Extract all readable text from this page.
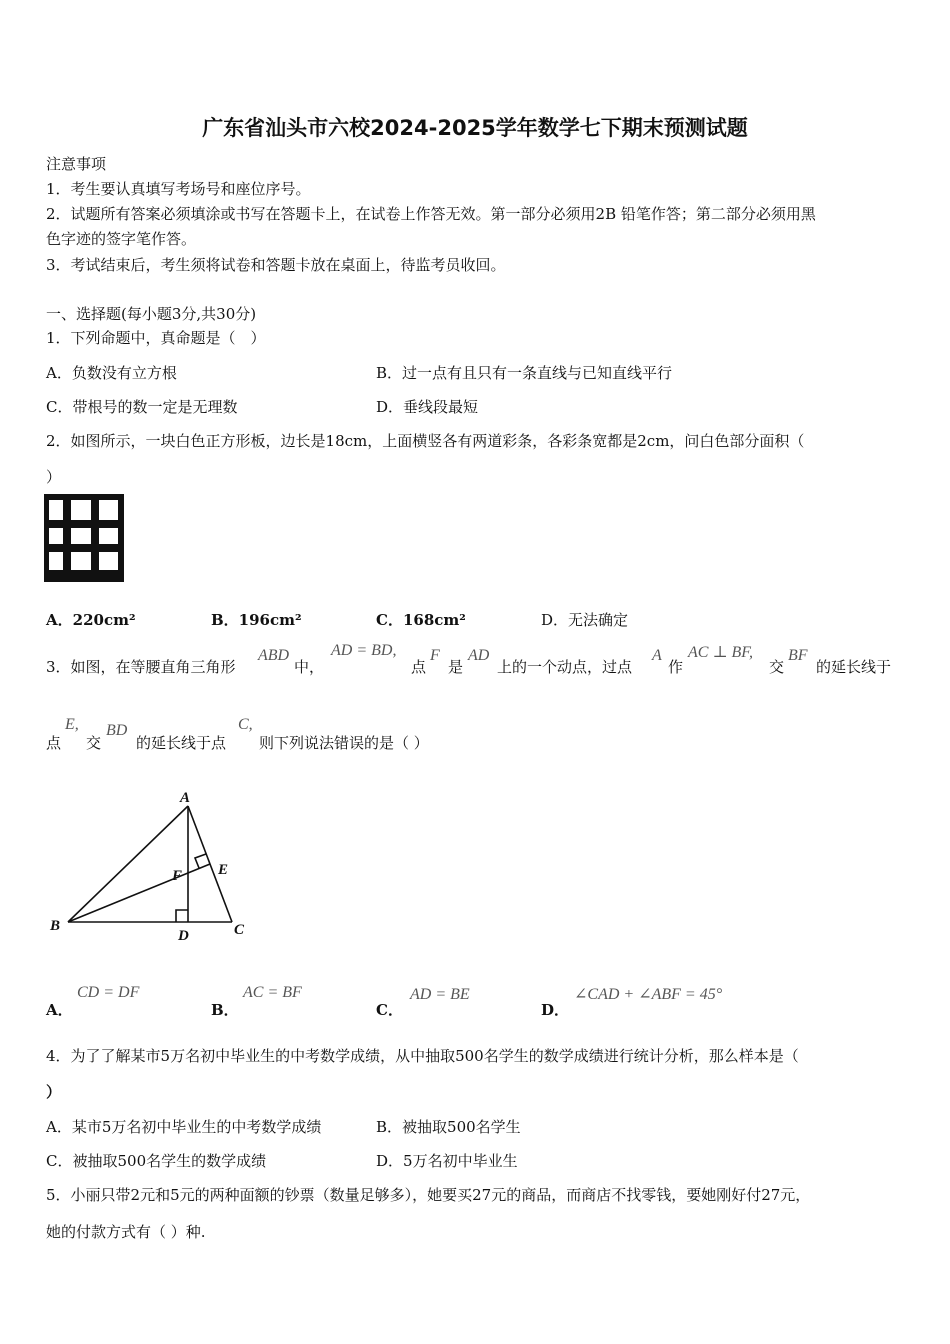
广东省汕头市六校2024-2025学年数学七下期末预测试题
注意事项
1．考生要认真填写考场号和座位序号。
2．试题所有答案必须填涂或书写在答题卡上，在试卷上作答无效。第一部分必须用2B 铅笔作答；第二部分必须用黑
色字迹的签字笔作答。
3．考试结束后，考生须将试卷和答题卡放在桌面上，待监考员收回。
一、选择题(每小题3分,共30分)
1．下列命题中，真命题是（　）
A．负数没有立方根	B．过一点有且只有一条直线与已知直线平行
C．带根号的数一定是无理数	D．垂线段最短
2．如图所示，一块白色正方形板，边长是18cm，上面横竖各有两道彩条，各彩条宽都是2cm，问白色部分面积（
）
A．220cm²	B．196cm²	C．168cm²	D．无法确定
3．如图，在等腰直角三角形
ABD
中，
AD = BD,
点
F
是
AD
上的一个动点，过点
A
作
AC ⊥ BF,
交
BF
的延长线于
点
E,
交
BD
的延长线于点
C,
则下列说法错误的是（ ）
A
B	C
D
E
F
A．
CD = DF
B．
AC = BF
C．
AD = BE
D．
∠CAD + ∠ABF = 45°
4．为了了解某市5万名初中毕业生的中考数学成绩，从中抽取500名学生的数学成绩进行统计分析，那么样本是（
）
A．某市5万名初中毕业生的中考数学成绩	B．被抽取500名学生
C．被抽取500名学生的数学成绩	D．5万名初中毕业生
5．小丽只带2元和5元的两种面额的钞票（数量足够多），她要买27元的商品，而商店不找零钱，要她刚好付27元，
她的付款方式有（ ）种.
